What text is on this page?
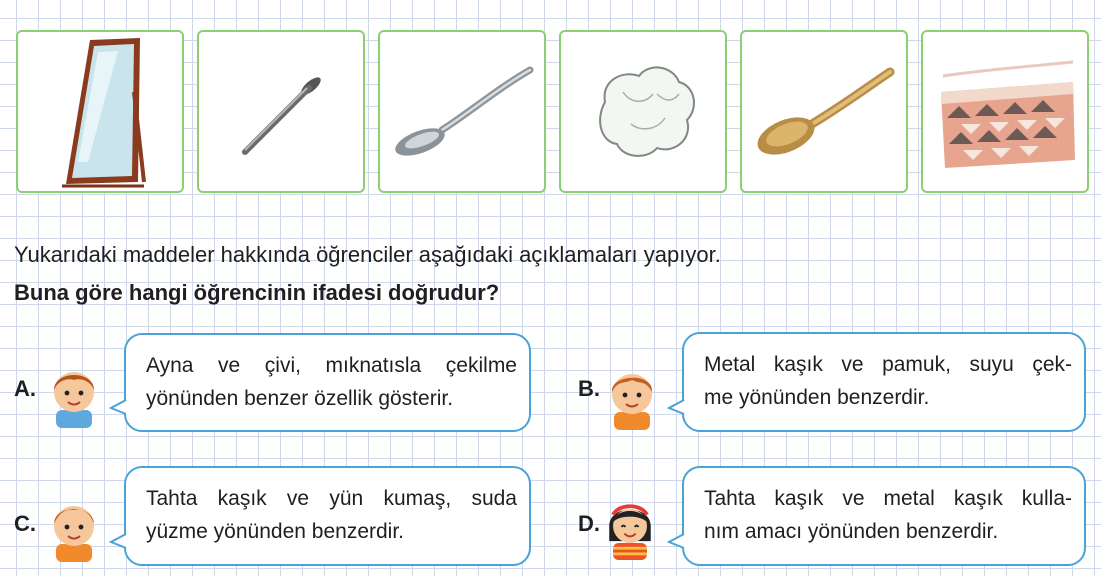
Yukarıdaki maddeler hakkında öğrenciler aşağıdaki açıklamaları yapıyor.
Buna göre hangi öğrencinin ifadesi doğrudur?
A.
Ayna ve çivi, mıknatısla çekilme
yönünden benzer özellik gösterir.	B.
Metal kaşık ve pamuk, suyu çek-
me yönünden benzerdir.
C.
Tahta kaşık ve yün kumaş, suda
yüzme yönünden benzerdir.	D.
Tahta kaşık ve metal kaşık kulla-
nım amacı yönünden benzerdir.
